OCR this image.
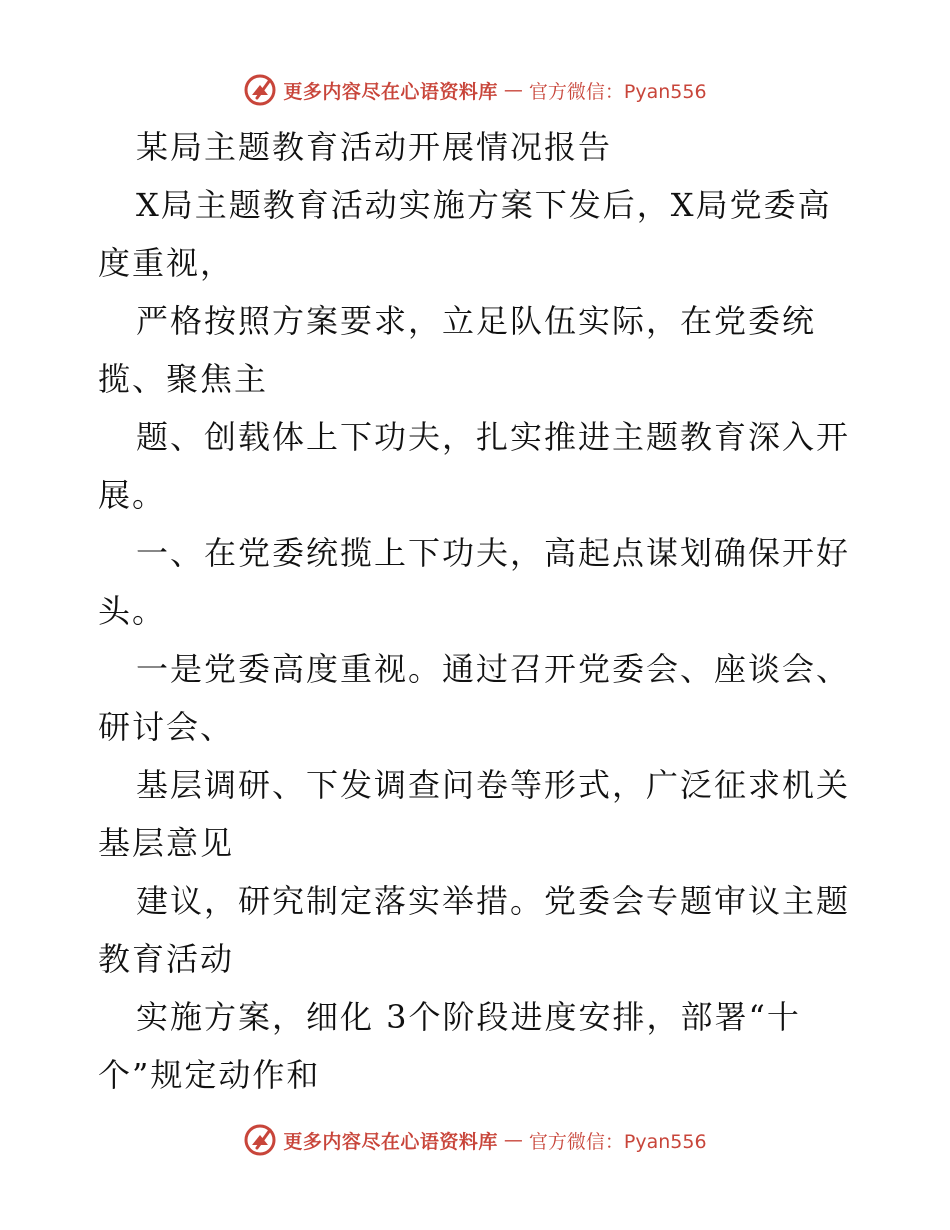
更多内容尽在心语资料库 — 官方微信：Pyan556
某局主题教育活动开展情况报告
X局主题教育活动实施方案下发后，X局党委高
度重视，
严格按照方案要求，立足队伍实际，在党委统
揽、聚焦主
题、创载体上下功夫，扎实推进主题教育深入开
展。
一、在党委统揽上下功夫，高起点谋划确保开好
头。
一是党委高度重视。通过召开党委会、座谈会、
研讨会、
基层调研、下发调查问卷等形式，广泛征求机关
基层意见
建议，研究制定落实举措。党委会专题审议主题
教育活动
实施方案，细化 3个阶段进度安排，部署“十
个”规定动作和
更多内容尽在心语资料库 — 官方微信：Pyan556
